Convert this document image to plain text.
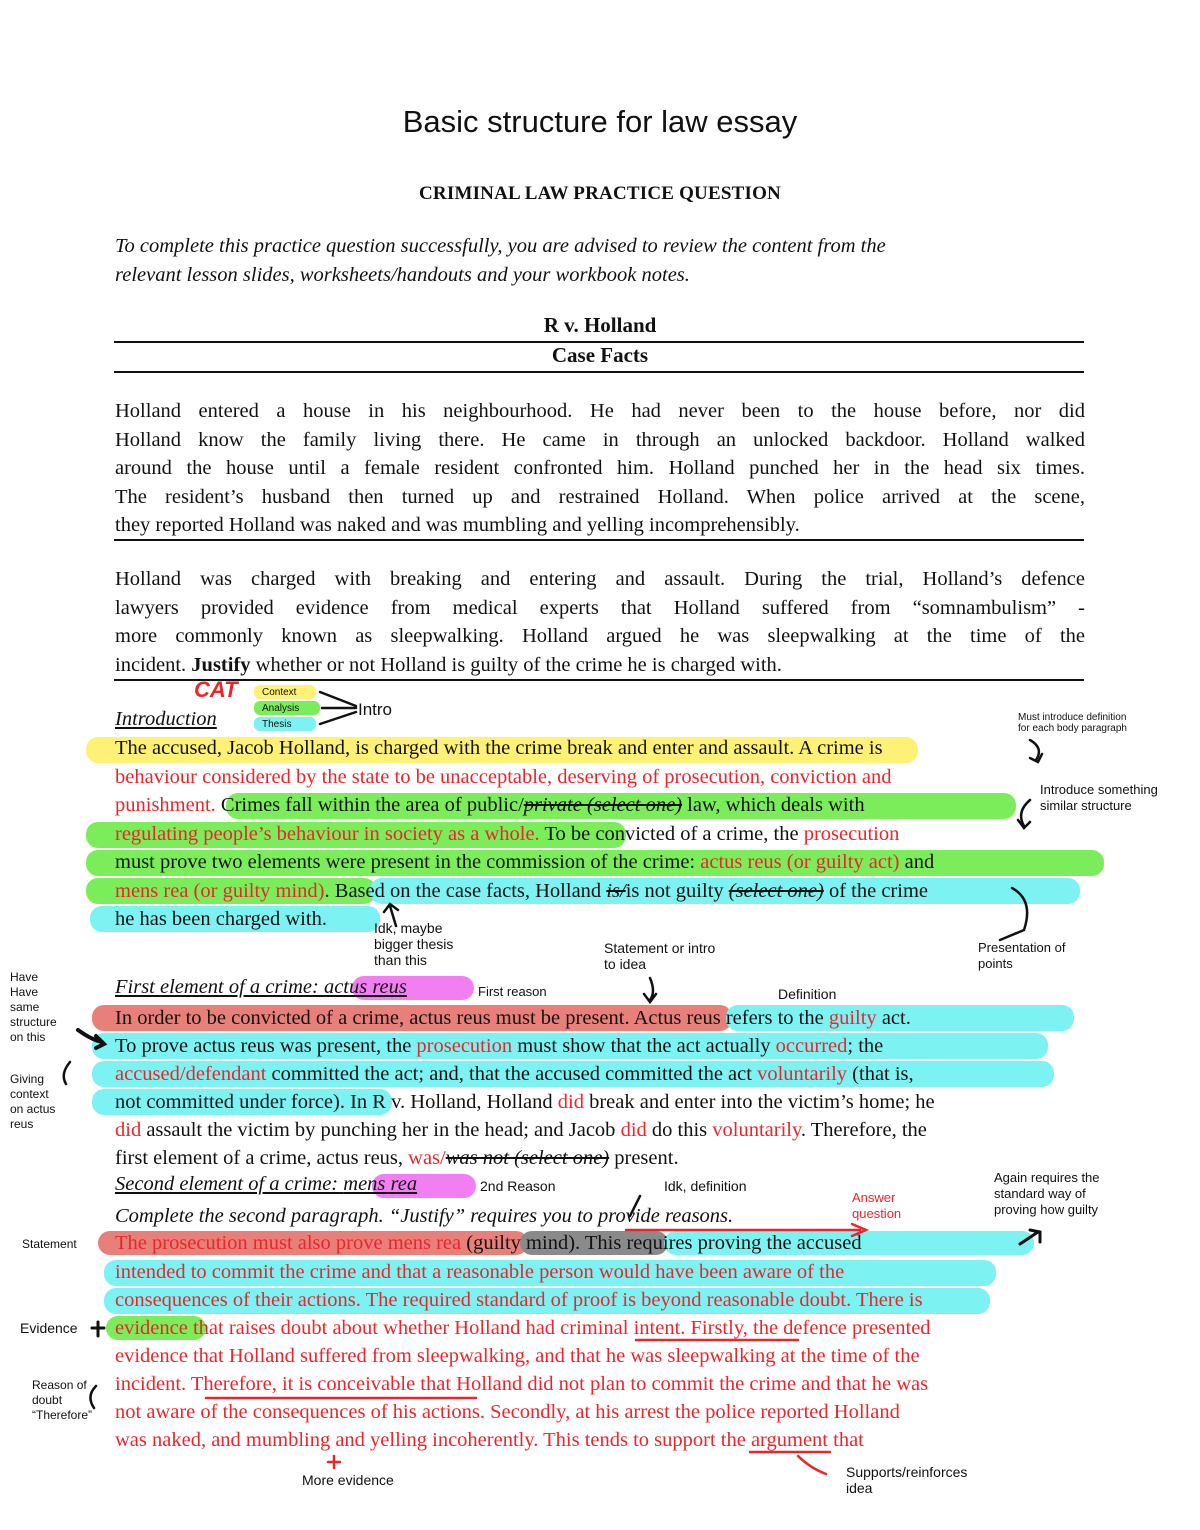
Basic structure for law essay
CRIMINAL LAW PRACTICE QUESTION
To complete this practice question successfully, you are advised to review the content from the
relevant lesson slides, worksheets/handouts and your workbook notes.
R v. Holland
Case Facts
Holland entered a house in his neighbourhood. He had never been to the house before, nor did
Holland know the family living there. He came in through an unlocked backdoor. Holland walked
around the house until a female resident confronted him. Holland punched her in the head six times.
The resident’s husband then turned up and restrained Holland. When police arrived at the scene,
they reported Holland was naked and was mumbling and yelling incomprehensibly.
Holland was charged with breaking and entering and assault. During the trial, Holland’s defence
lawyers provided evidence from medical experts that Holland suffered from “somnambulism” -
more commonly known as sleepwalking. Holland argued he was sleepwalking at the time of the
incident. Justify whether or not Holland is guilty of the crime he is charged with.
CAT Context
Analysis
Thesis
Intro
Introduction
The accused, Jacob Holland, is charged with the crime break and enter and assault. A crime is
behaviour considered by the state to be unacceptable, deserving of prosecution, conviction and
punishment. Crimes fall within the area of public/private (select one) law, which deals with
regulating people’s behaviour in society as a whole. To be convicted of a crime, the prosecution
must prove two elements were present in the commission of the crime: actus reus (or guilty act) and
mens rea (or guilty mind). Based on the case facts, Holland is/is not guilty (select one) of the crime
he has been charged with.
First element of a crime: actus reus
In order to be convicted of a crime, actus reus must be present. Actus reus refers to the guilty act.
To prove actus reus was present, the prosecution must show that the act actually occurred; the
accused/defendant committed the act; and, that the accused committed the act voluntarily (that is,
not committed under force). In R v. Holland, Holland did break and enter into the victim’s home; he
did assault the victim by punching her in the head; and Jacob did do this voluntarily. Therefore, the
first element of a crime, actus reus, was/was not (select one) present.
Second element of a crime: mens rea
Complete the second paragraph. “Justify” requires you to provide reasons.
The prosecution must also prove mens rea (guilty mind). This requires proving the accused
intended to commit the crime and that a reasonable person would have been aware of the
consequences of their actions. The required standard of proof is beyond reasonable doubt. There is
evidence that raises doubt about whether Holland had criminal intent. Firstly, the defence presented
evidence that Holland suffered from sleepwalking, and that he was sleepwalking at the time of the
incident. Therefore, it is conceivable that Holland did not plan to commit the crime and that he was
not aware of the consequences of his actions. Secondly, at his arrest the police reported Holland
was naked, and mumbling and yelling incoherently. This tends to support the argument that
Must introduce definition
for each body paragraph
Introduce something
similar structure
Idk, maybe
bigger thesis
than this
Statement or intro
to idea
Presentation of
points
First reason	Definition
Have
Have
same
structure
on this
Giving
context
on actus
reus
2nd Reason	Idk, definition
Answer
question
Again requires the
standard way of
proving how guilty
Statement
Evidence
Reason of
doubt
“Therefore”
More evidence	Supports/reinforces
idea
